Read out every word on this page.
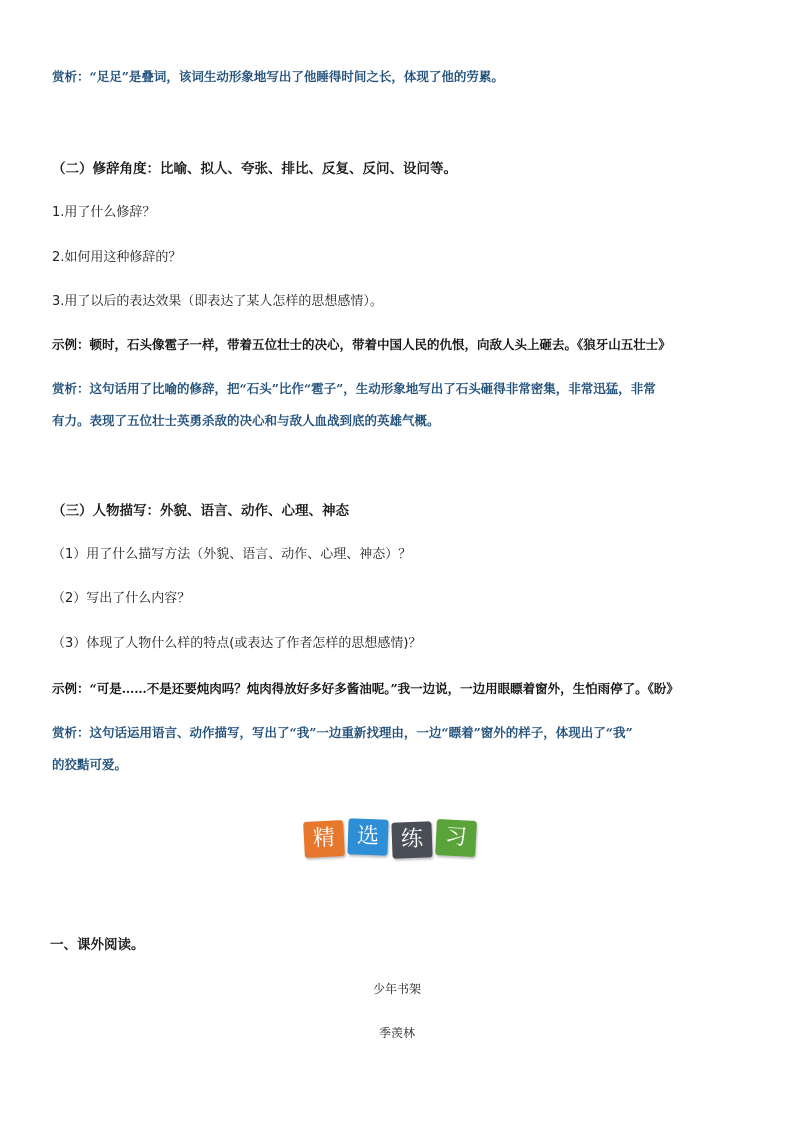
赏析：“足足”是叠词，该词生动形象地写出了他睡得时间之长，体现了他的劳累。
（二）修辞角度：比喻、拟人、夸张、排比、反复、反问、设问等。
1.用了什么修辞？
2.如何用这种修辞的？
3.用了以后的表达效果（即表达了某人怎样的思想感情）。
示例：顿时，石头像雹子一样，带着五位壮士的决心，带着中国人民的仇恨，向敌人头上砸去。《狼牙山五壮士》
赏析：这句话用了比喻的修辞，把“石头”比作“雹子”，生动形象地写出了石头砸得非常密集，非常迅猛，非常
有力。表现了五位壮士英勇杀敌的决心和与敌人血战到底的英雄气概。
（三）人物描写：外貌、语言、动作、心理、神态
（1）用了什么描写方法（外貌、语言、动作、心理、神态）？
（2）写出了什么内容？
（3）体现了人物什么样的特点(或表达了作者怎样的思想感情)？
示例：“可是……不是还要炖肉吗？炖肉得放好多好多酱油呢。”我一边说，一边用眼瞟着窗外，生怕雨停了。《盼》
赏析：这句话运用语言、动作描写，写出了“我”一边重新找理由，一边“瞟着”窗外的样子，体现出了“我”
的狡黠可爱。
精 选 练 习
一、课外阅读。
少年书架
季羡林
